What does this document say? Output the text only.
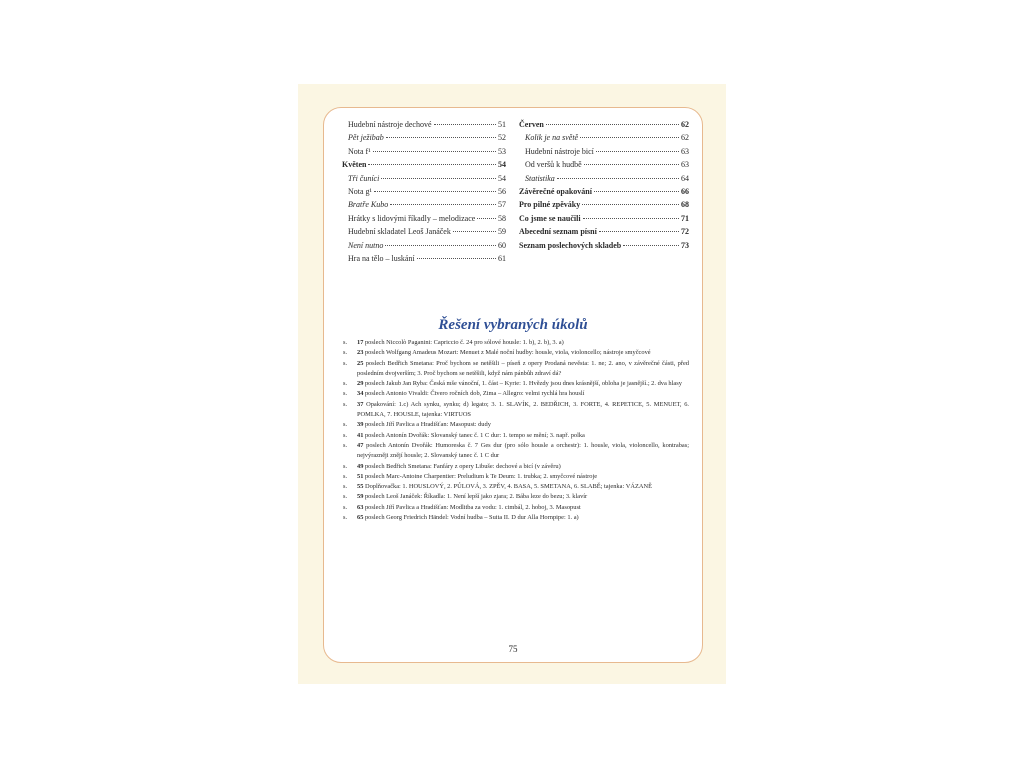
Hudební nástroje dechové	51
Pět ježibab	52
Nota f¹	53
Květen	54
Tři čuníci	54
Nota g¹	56
Bratře Kubo	57
Hrátky s lidovými říkadly – melodizace	58
Hudební skladatel Leoš Janáček	59
Není nutno	60
Hra na tělo – luskání	61
Červen	62
Kolik je na světě	62
Hudební nástroje bicí	63
Od veršů k hudbě	63
Statistika	64
Závěrečné opakování	66
Pro pilné zpěváky	68
Co jsme se naučili	71
Abecední seznam písní	72
Seznam poslechových skladeb	73
Řešení vybraných úkolů
s. 17 poslech Niccolò Paganini: Capriccio č. 24 pro sólové housle: 1. b), 2. b), 3. a)
s. 23 poslech Wolfgang Amadeus Mozart: Menuet z Malé noční hudby: housle, viola, violoncello; nástroje smyčcové
s. 25 poslech Bedřich Smetana: Proč bychom se netěšili – píseň z opery Prodaná nevěsta: 1. ne; 2. ano, v závěrečné části, před posledním dvojverším; 3. Proč bychom se netěšili, když nám pánbůh zdraví dá?
s. 29 poslech Jakub Jan Ryba: Česká mše vánoční, 1. část – Kyrie: 1. Hvězdy jsou dnes krásnější, obloha je jasnější.; 2. dva hlasy
s. 34 poslech Antonio Vivaldi: Čtvero ročních dob, Zima – Allegro: velmi rychlá hra houslí
s. 37 Opakování: 1.c) Ach synku, synku; d) legato; 3. 1. SLAVÍK, 2. BEDŘICH, 3. FORTE, 4. REPETICE, 5. MENUET, 6. POMLKA, 7. HOUSLE, tajenka: VIRTUOS
s. 39 poslech Jiří Pavlica a Hradišťan: Masopust: dudy
s. 41 poslech Antonín Dvořák: Slovanský tanec č. 1 C dur: 1. tempo se mění; 3. např. polka
s. 47 poslech Antonín Dvořák: Humoreska č. 7 Ges dur (pro sólo housle a orchestr): 1. housle, viola, violoncello, kontrabas; nejvýrazněji znějí housle; 2. Slovanský tanec č. 1 C dur
s. 49 poslech Bedřich Smetana: Fanfáry z opery Libuše: dechové a bicí (v závěru)
s. 51 poslech Marc-Antoine Charpentier: Preludium k Te Deum: 1. trubka; 2. smyčcové nástroje
s. 55 Doplňovačka: 1. HOUSLOVÝ, 2. PŮLOVÁ, 3. ZPĚV, 4. BASA, 5. SMETANA, 6. SLABĚ; tajenka: VÁZANĚ
s. 59 poslech Leoš Janáček: Říkadla: 1. Není lepší jako zjara; 2. Bába leze do bezu; 3. klavír
s. 63 poslech Jiří Pavlica a Hradišťan: Modlitba za vodu: 1. cimbál, 2. hoboj, 3. Masopust
s. 65 poslech Georg Friedrich Händel: Vodní hudba – Suita II. D dur Alla Hornpipe: 1. a)
75
